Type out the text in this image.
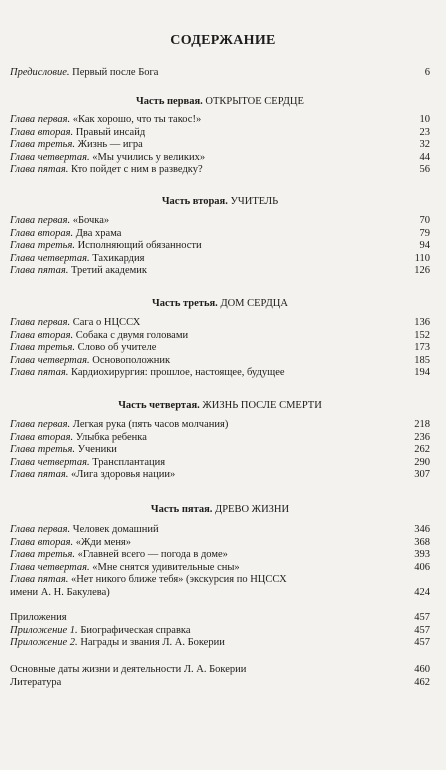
СОДЕРЖАНИЕ
Предисловие. Первый после Бога	6
Часть первая. ОТКРЫТОЕ СЕРДЦЕ
Глава первая. «Как хорошо, что ты такос!»	10
Глава вторая. Правый инсайд	23
Глава третья. Жизнь — игра	32
Глава четвертая. «Мы учились у великих»	44
Глава пятая. Кто пойдет с ним в разведку?	56
Часть вторая. УЧИТЕЛЬ
Глава первая. «Бочка»	70
Глава вторая. Два храма	79
Глава третья. Исполняющий обязанности	94
Глава четвертая. Тахикардия	110
Глава пятая. Третий академик	126
Часть третья. ДОМ СЕРДЦА
Глава первая. Сага о НЦССХ	136
Глава вторая. Собака с двумя головами	152
Глава третья. Слово об учителе	173
Глава четвертая. Основоположник	185
Глава пятая. Кардиохирургия: прошлое, настоящее, будущее	194
Часть четвертая. ЖИЗНЬ ПОСЛЕ СМЕРТИ
Глава первая. Легкая рука (пять часов молчания)	218
Глава вторая. Улыбка ребенка	236
Глава третья. Ученики	262
Глава четвертая. Трансплантация	290
Глава пятая. «Лига здоровья нации»	307
Часть пятая. ДРЕВО ЖИЗНИ
Глава первая. Человек домашний	346
Глава вторая. «Жди меня»	368
Глава третья. «Главней всего — погода в доме»	393
Глава четвертая. «Мне снятся удивительные сны»	406
Глава пятая. «Нет никого ближе тебя» (экскурсия по НЦССХ
имени А. Н. Бакулева)	424
Приложения	457
Приложение 1. Биографическая справка	457
Приложение 2. Награды и звания Л. А. Бокерии	457
Основные даты жизни и деятельности Л. А. Бокерии	460
Литература	462
